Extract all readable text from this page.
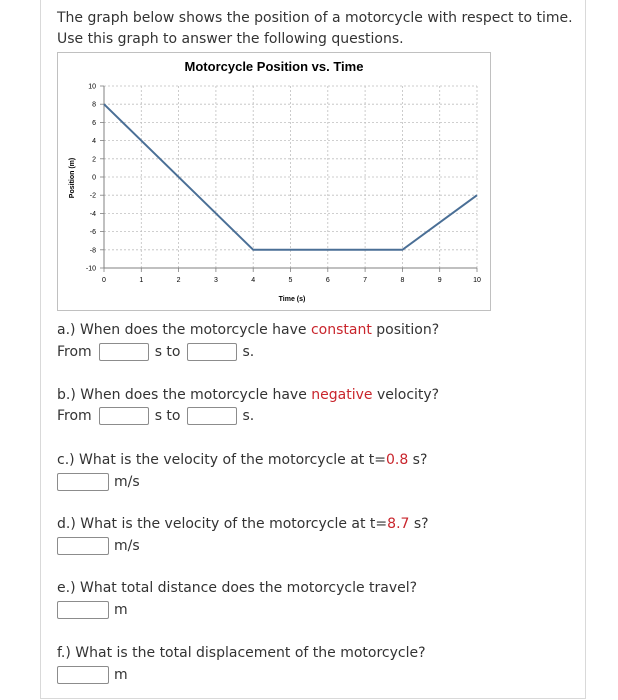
The graph below shows the position of a motorcycle with respect to time.
Use this graph to answer the following questions.
Motorcycle Position vs. Time
Position (m)
Time (s)
10
8
6
4
2
0
-2
-4
-6
-8
-10
0	1	2	3	4	5	6	7	8	9	10

a.) When does the motorcycle have constant position?

From	s to	s.

b.) When does the motorcycle have negative velocity?

From	s to	s.

c.) What is the velocity of the motorcycle at t=0.8 s?

m/s

d.) What is the velocity of the motorcycle at t=8.7 s?

m/s

e.) What total distance does the motorcycle travel?

m

f.) What is the total displacement of the motorcycle?

m
